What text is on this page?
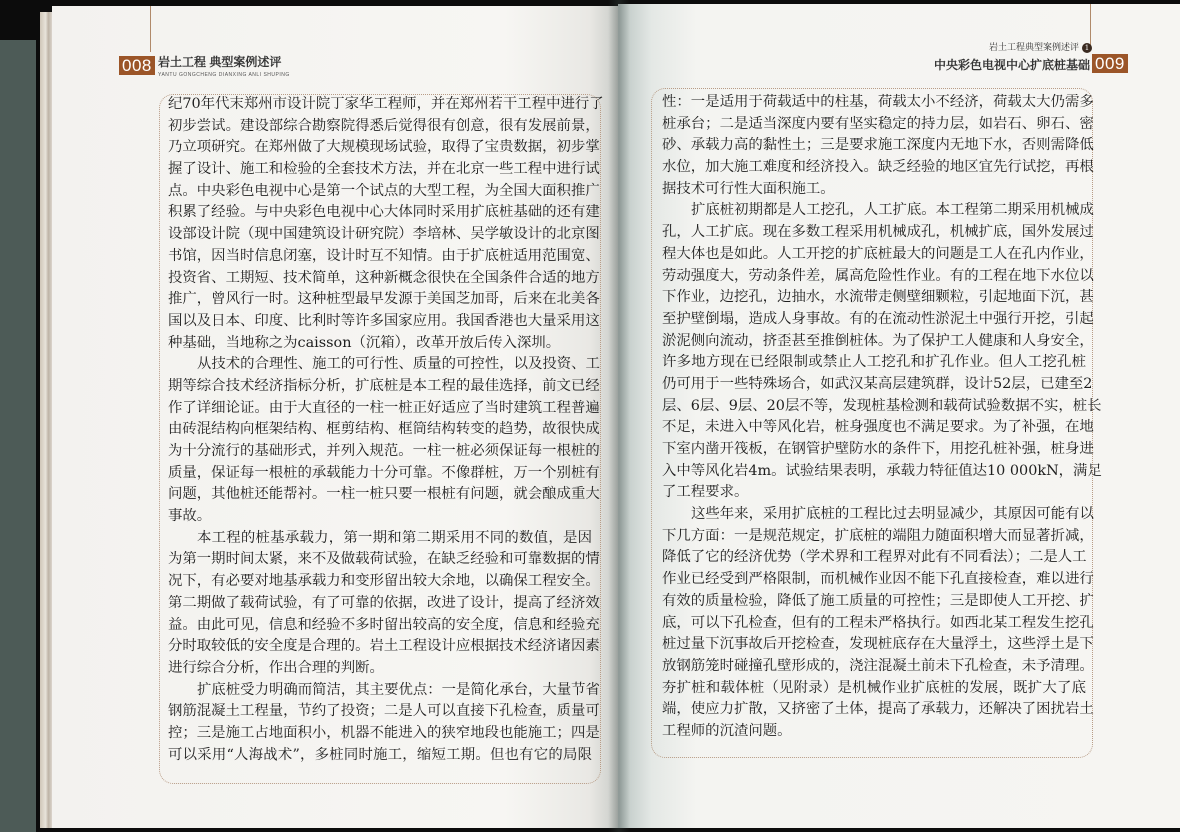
008 岩土工程 典型案例述评
YANTU GONGCHENG DIANXING ANLI SHUPING
纪70年代末郑州市设计院丁家华工程师，并在郑州若干工程中进行了
初步尝试。建设部综合勘察院得悉后觉得很有创意，很有发展前景，
乃立项研究。在郑州做了大规模现场试验，取得了宝贵数据，初步掌
握了设计、施工和检验的全套技术方法，并在北京一些工程中进行试
点。中央彩色电视中心是第一个试点的大型工程，为全国大面积推广
积累了经验。与中央彩色电视中心大体同时采用扩底桩基础的还有建
设部设计院（现中国建筑设计研究院）李培林、吴学敏设计的北京图
书馆，因当时信息闭塞，设计时互不知情。由于扩底桩适用范围宽、
投资省、工期短、技术简单，这种新概念很快在全国条件合适的地方
推广，曾风行一时。这种桩型最早发源于美国芝加哥，后来在北美各
国以及日本、印度、比利时等许多国家应用。我国香港也大量采用这
种基础，当地称之为caisson（沉箱），改革开放后传入深圳。
从技术的合理性、施工的可行性、质量的可控性，以及投资、工
期等综合技术经济指标分析，扩底桩是本工程的最佳选择，前文已经
作了详细论证。由于大直径的一柱一桩正好适应了当时建筑工程普遍
由砖混结构向框架结构、框剪结构、框筒结构转变的趋势，故很快成
为十分流行的基础形式，并列入规范。一柱一桩必须保证每一根桩的
质量，保证每一根桩的承载能力十分可靠。不像群桩，万一个别桩有
问题，其他桩还能帮衬。一柱一桩只要一根桩有问题，就会酿成重大
事故。
本工程的桩基承载力，第一期和第二期采用不同的数值，是因
为第一期时间太紧，来不及做载荷试验，在缺乏经验和可靠数据的情
况下，有必要对地基承载力和变形留出较大余地，以确保工程安全。
第二期做了载荷试验，有了可靠的依据，改进了设计，提高了经济效
益。由此可见，信息和经验不多时留出较高的安全度，信息和经验充
分时取较低的安全度是合理的。岩土工程设计应根据技术经济诸因素
进行综合分析，作出合理的判断。
扩底桩受力明确而简洁，其主要优点：一是简化承台，大量节省
钢筋混凝土工程量，节约了投资；二是人可以直接下孔检查，质量可
控；三是施工占地面积小，机器不能进入的狭窄地段也能施工；四是
可以采用“人海战术”，多桩同时施工，缩短工期。但也有它的局限
岩土工程典型案例述评 1
中央彩色电视中心扩底桩基础 009
性：一是适用于荷载适中的柱基，荷载太小不经济，荷载太大仍需多
桩承台；二是适当深度内要有坚实稳定的持力层，如岩石、卵石、密
砂、承载力高的黏性土；三是要求施工深度内无地下水，否则需降低
水位，加大施工难度和经济投入。缺乏经验的地区宜先行试挖，再根
据技术可行性大面积施工。
扩底桩初期都是人工挖孔，人工扩底。本工程第二期采用机械成
孔，人工扩底。现在多数工程采用机械成孔，机械扩底，国外发展过
程大体也是如此。人工开挖的扩底桩最大的问题是工人在孔内作业，
劳动强度大，劳动条件差，属高危险性作业。有的工程在地下水位以
下作业，边挖孔，边抽水，水流带走侧壁细颗粒，引起地面下沉，甚
至护壁倒塌，造成人身事故。有的在流动性淤泥土中强行开挖，引起
淤泥侧向流动，挤歪甚至推倒桩体。为了保护工人健康和人身安全，
许多地方现在已经限制或禁止人工挖孔和扩孔作业。但人工挖孔桩
仍可用于一些特殊场合，如武汉某高层建筑群，设计52层，已建至2
层、6层、9层、20层不等，发现桩基检测和载荷试验数据不实，桩长
不足，未进入中等风化岩，桩身强度也不满足要求。为了补强，在地
下室内凿开筏板，在钢管护壁防水的条件下，用挖孔桩补强，桩身进
入中等风化岩4m。试验结果表明，承载力特征值达10 000kN，满足
了工程要求。
这些年来，采用扩底桩的工程比过去明显减少，其原因可能有以
下几方面：一是规范规定，扩底桩的端阻力随面积增大而显著折减，
降低了它的经济优势（学术界和工程界对此有不同看法）；二是人工
作业已经受到严格限制，而机械作业因不能下孔直接检查，难以进行
有效的质量检验，降低了施工质量的可控性；三是即使人工开挖、扩
底，可以下孔检查，但有的工程未严格执行。如西北某工程发生挖孔
桩过量下沉事故后开挖检查，发现桩底存在大量浮土，这些浮土是下
放钢筋笼时碰撞孔壁形成的，浇注混凝土前未下孔检查，未予清理。
夯扩桩和载体桩（见附录）是机械作业扩底桩的发展，既扩大了底
端，使应力扩散，又挤密了土体，提高了承载力，还解决了困扰岩土
工程师的沉渣问题。
